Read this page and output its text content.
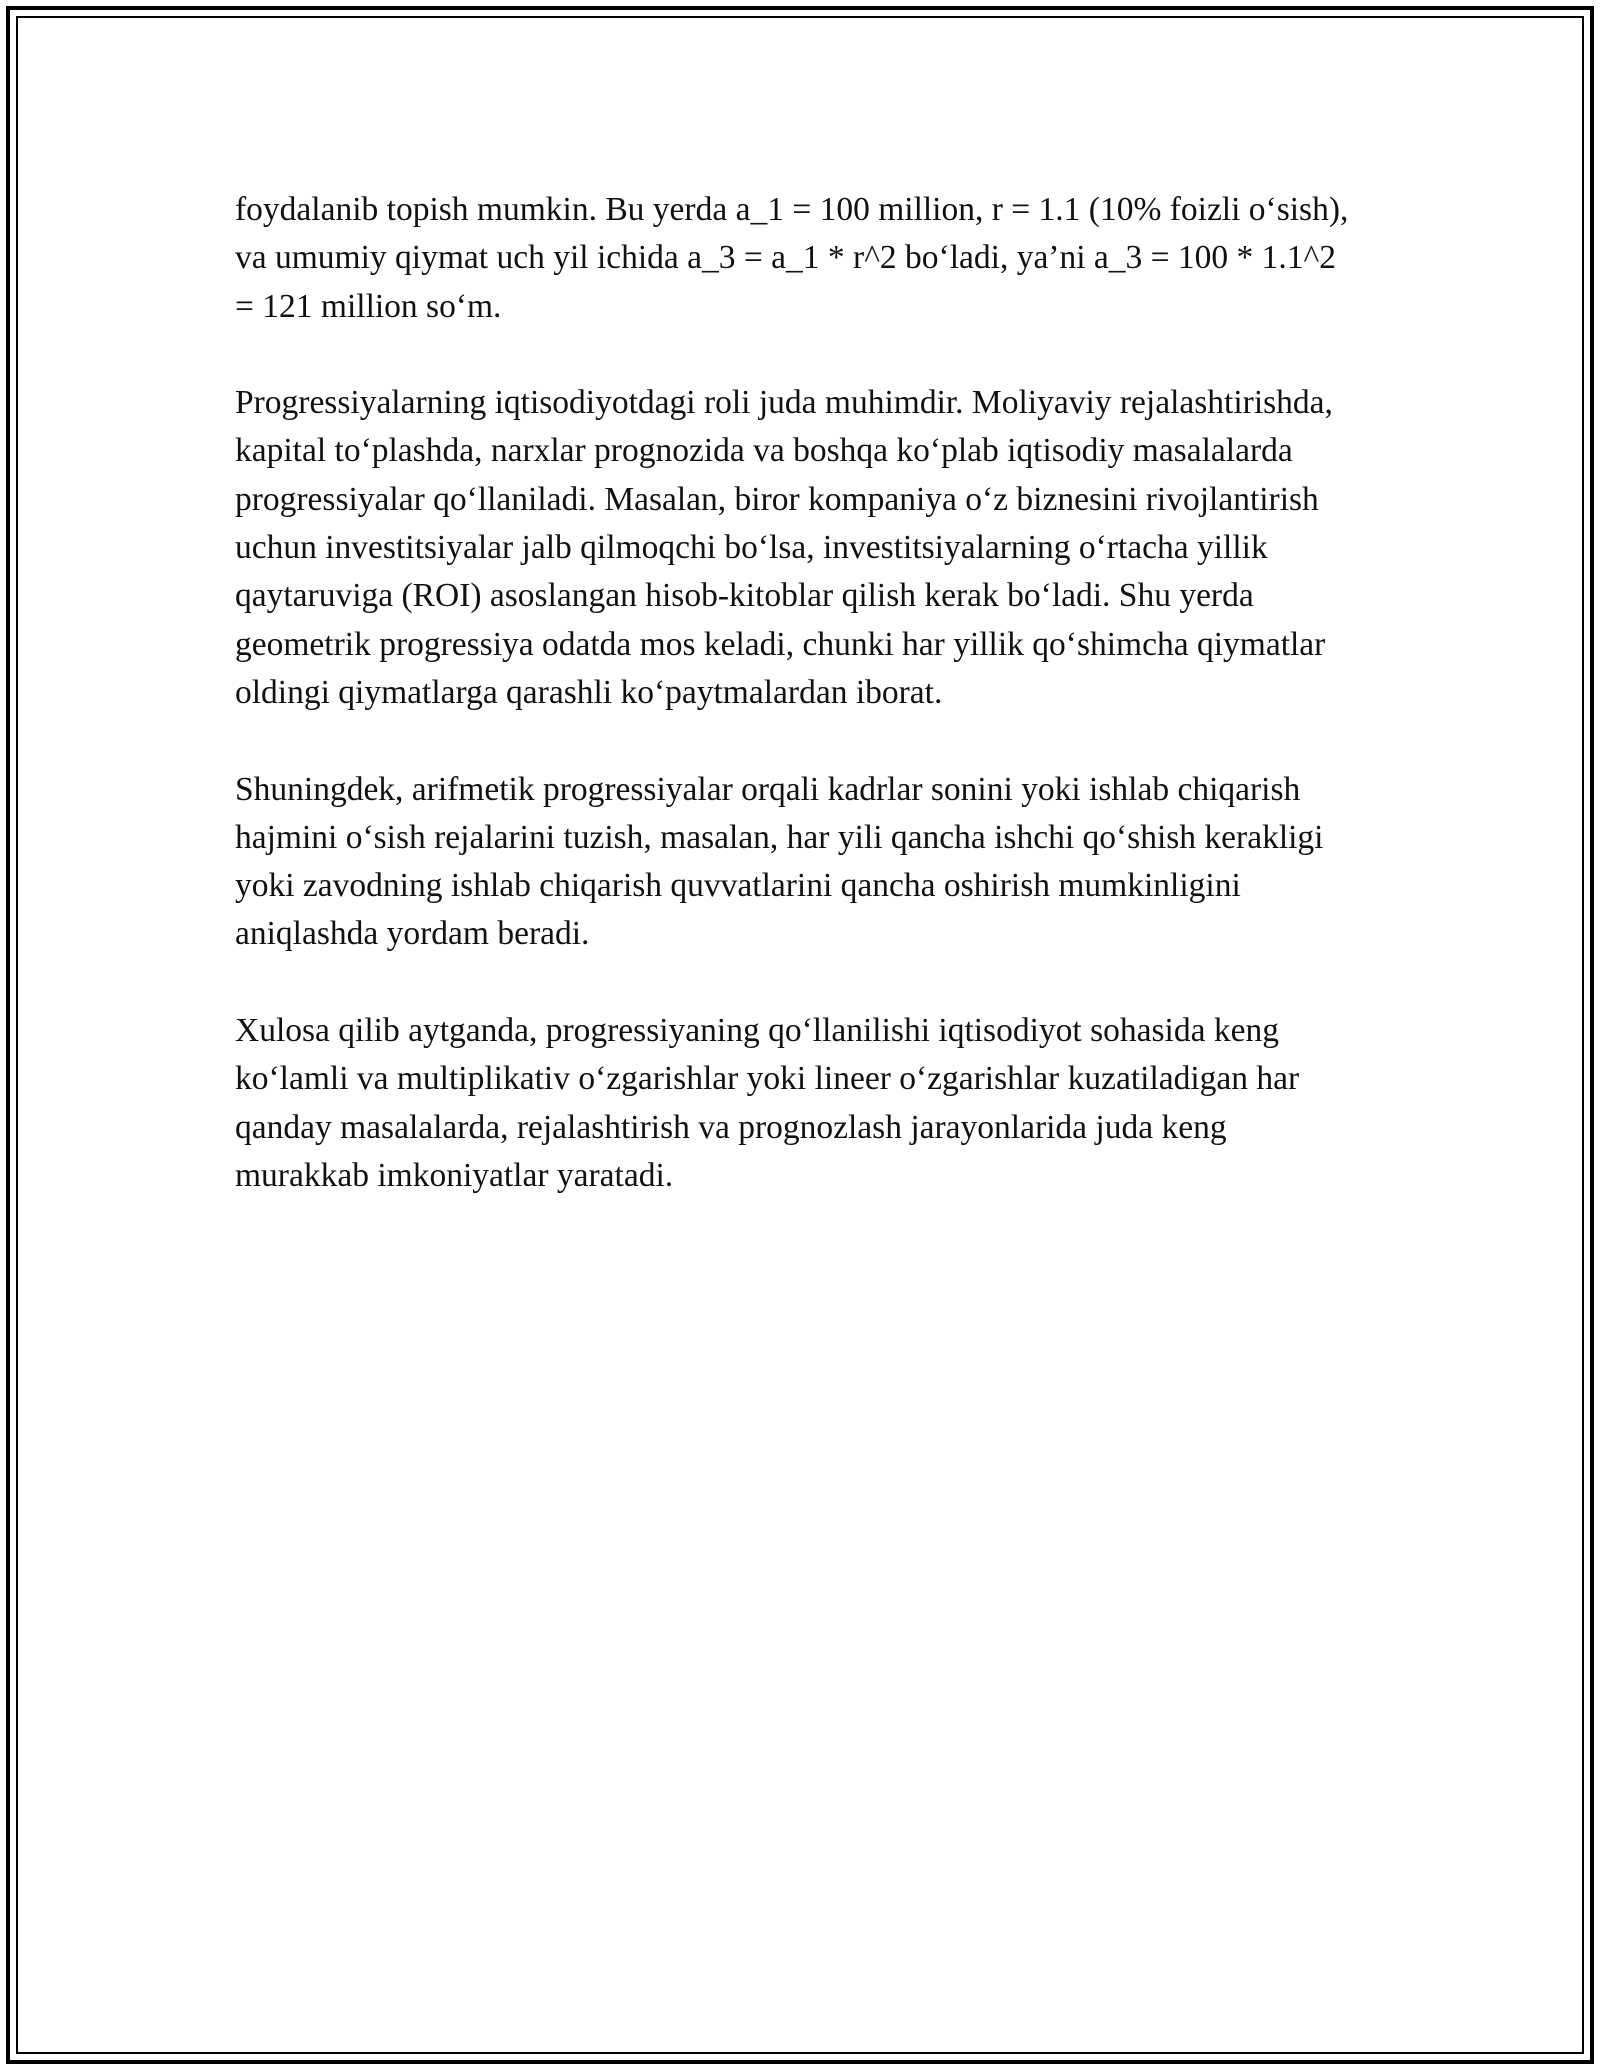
foydalanib topish mumkin. Bu yerda a_1 = 100 million, r = 1.1 (10% foizli o‘sish), va umumiy qiymat uch yil ichida a_3 = a_1 * r^2 bo‘ladi, ya’ni a_3 = 100 * 1.1^2 = 121 million so‘m.

Progressiyalarning iqtisodiyotdagi roli juda muhimdir. Moliyaviy rejalashtirishda, kapital to‘plashda, narxlar prognozida va boshqa ko‘plab iqtisodiy masalalarda progressiyalar qo‘llaniladi. Masalan, biror kompaniya o‘z biznesini rivojlantirish uchun investitsiyalar jalb qilmoqchi bo‘lsa, investitsiyalarning o‘rtacha yillik qaytaruviga (ROI) asoslangan hisob-kitoblar qilish kerak bo‘ladi. Shu yerda geometrik progressiya odatda mos keladi, chunki har yillik qo‘shimcha qiymatlar oldingi qiymatlarga qarashli ko‘paytmalardan iborat.

Shuningdek, arifmetik progressiyalar orqali kadrlar sonini yoki ishlab chiqarish hajmini o‘sish rejalarini tuzish, masalan, har yili qancha ishchi qo‘shish kerakligi yoki zavodning ishlab chiqarish quvvatlarini qancha oshirish mumkinligini aniqlashda yordam beradi.

Xulosa qilib aytganda, progressiyaning qo‘llanilishi iqtisodiyot sohasida keng ko‘lamli va multiplikativ o‘zgarishlar yoki lineer o‘zgarishlar kuzatiladigan har qanday masalalarda, rejalashtirish va prognozlash jarayonlarida juda keng murakkab imkoniyatlar yaratadi.
